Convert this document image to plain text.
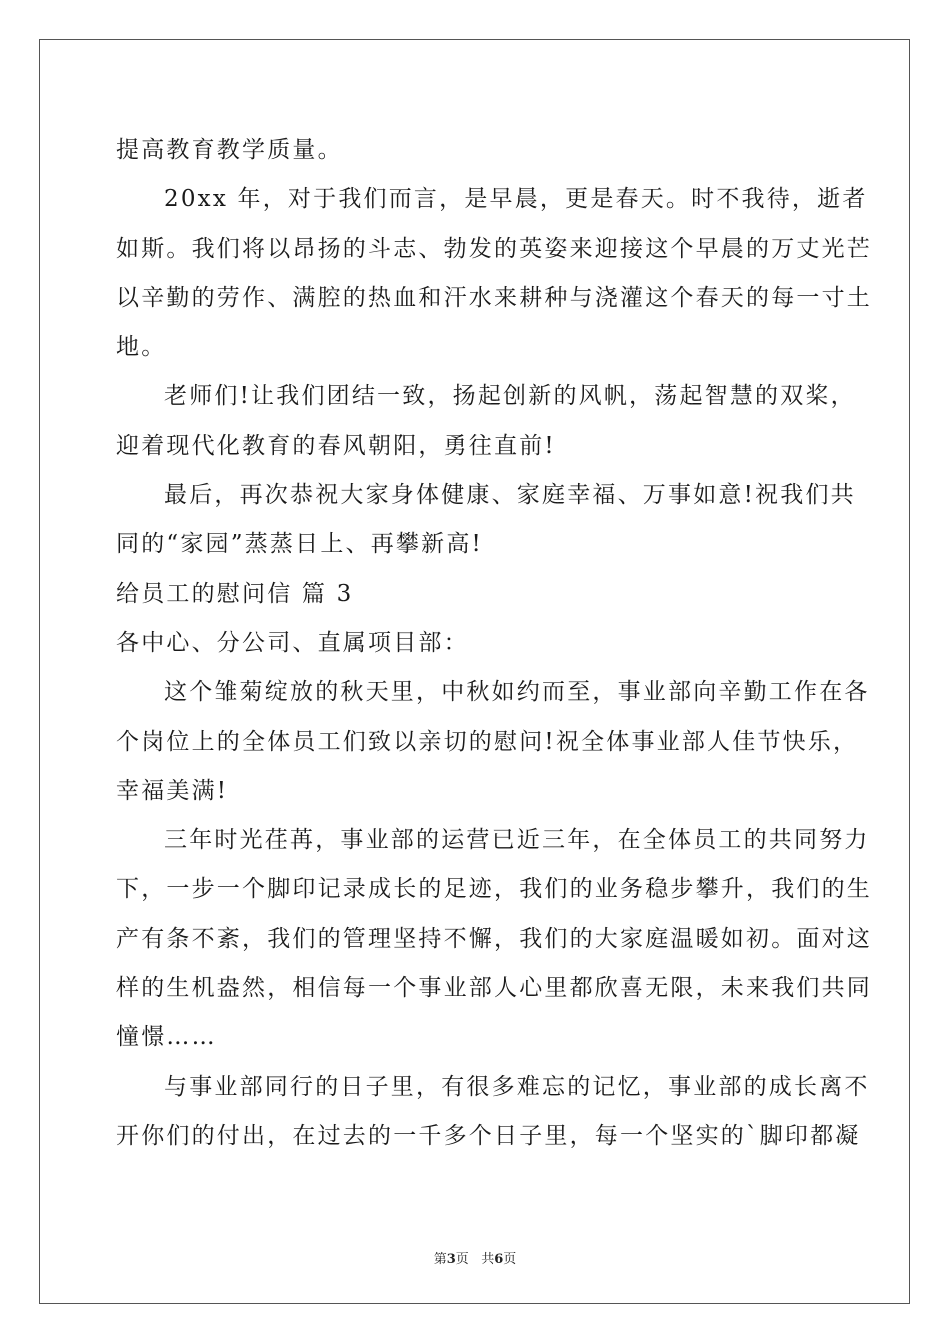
提高教育教学质量。
20xx 年，对于我们而言，是早晨，更是春天。时不我待，逝者
如斯。我们将以昂扬的斗志、勃发的英姿来迎接这个早晨的万丈光芒
以辛勤的劳作、满腔的热血和汗水来耕种与浇灌这个春天的每一寸土
地。
老师们!让我们团结一致，扬起创新的风帆，荡起智慧的双桨，
迎着现代化教育的春风朝阳，勇往直前!
最后，再次恭祝大家身体健康、家庭幸福、万事如意!祝我们共
同的“家园”蒸蒸日上、再攀新高!
给员工的慰问信 篇 3
各中心、分公司、直属项目部：
这个雏菊绽放的秋天里，中秋如约而至，事业部向辛勤工作在各
个岗位上的全体员工们致以亲切的慰问!祝全体事业部人佳节快乐，
幸福美满!
三年时光荏苒，事业部的运营已近三年，在全体员工的共同努力
下，一步一个脚印记录成长的足迹，我们的业务稳步攀升，我们的生
产有条不紊，我们的管理坚持不懈，我们的大家庭温暖如初。面对这
样的生机盎然，相信每一个事业部人心里都欣喜无限，未来我们共同
憧憬……
与事业部同行的日子里，有很多难忘的记忆，事业部的成长离不
开你们的付出，在过去的一千多个日子里，每一个坚实的`脚印都凝
第3页 共6页
